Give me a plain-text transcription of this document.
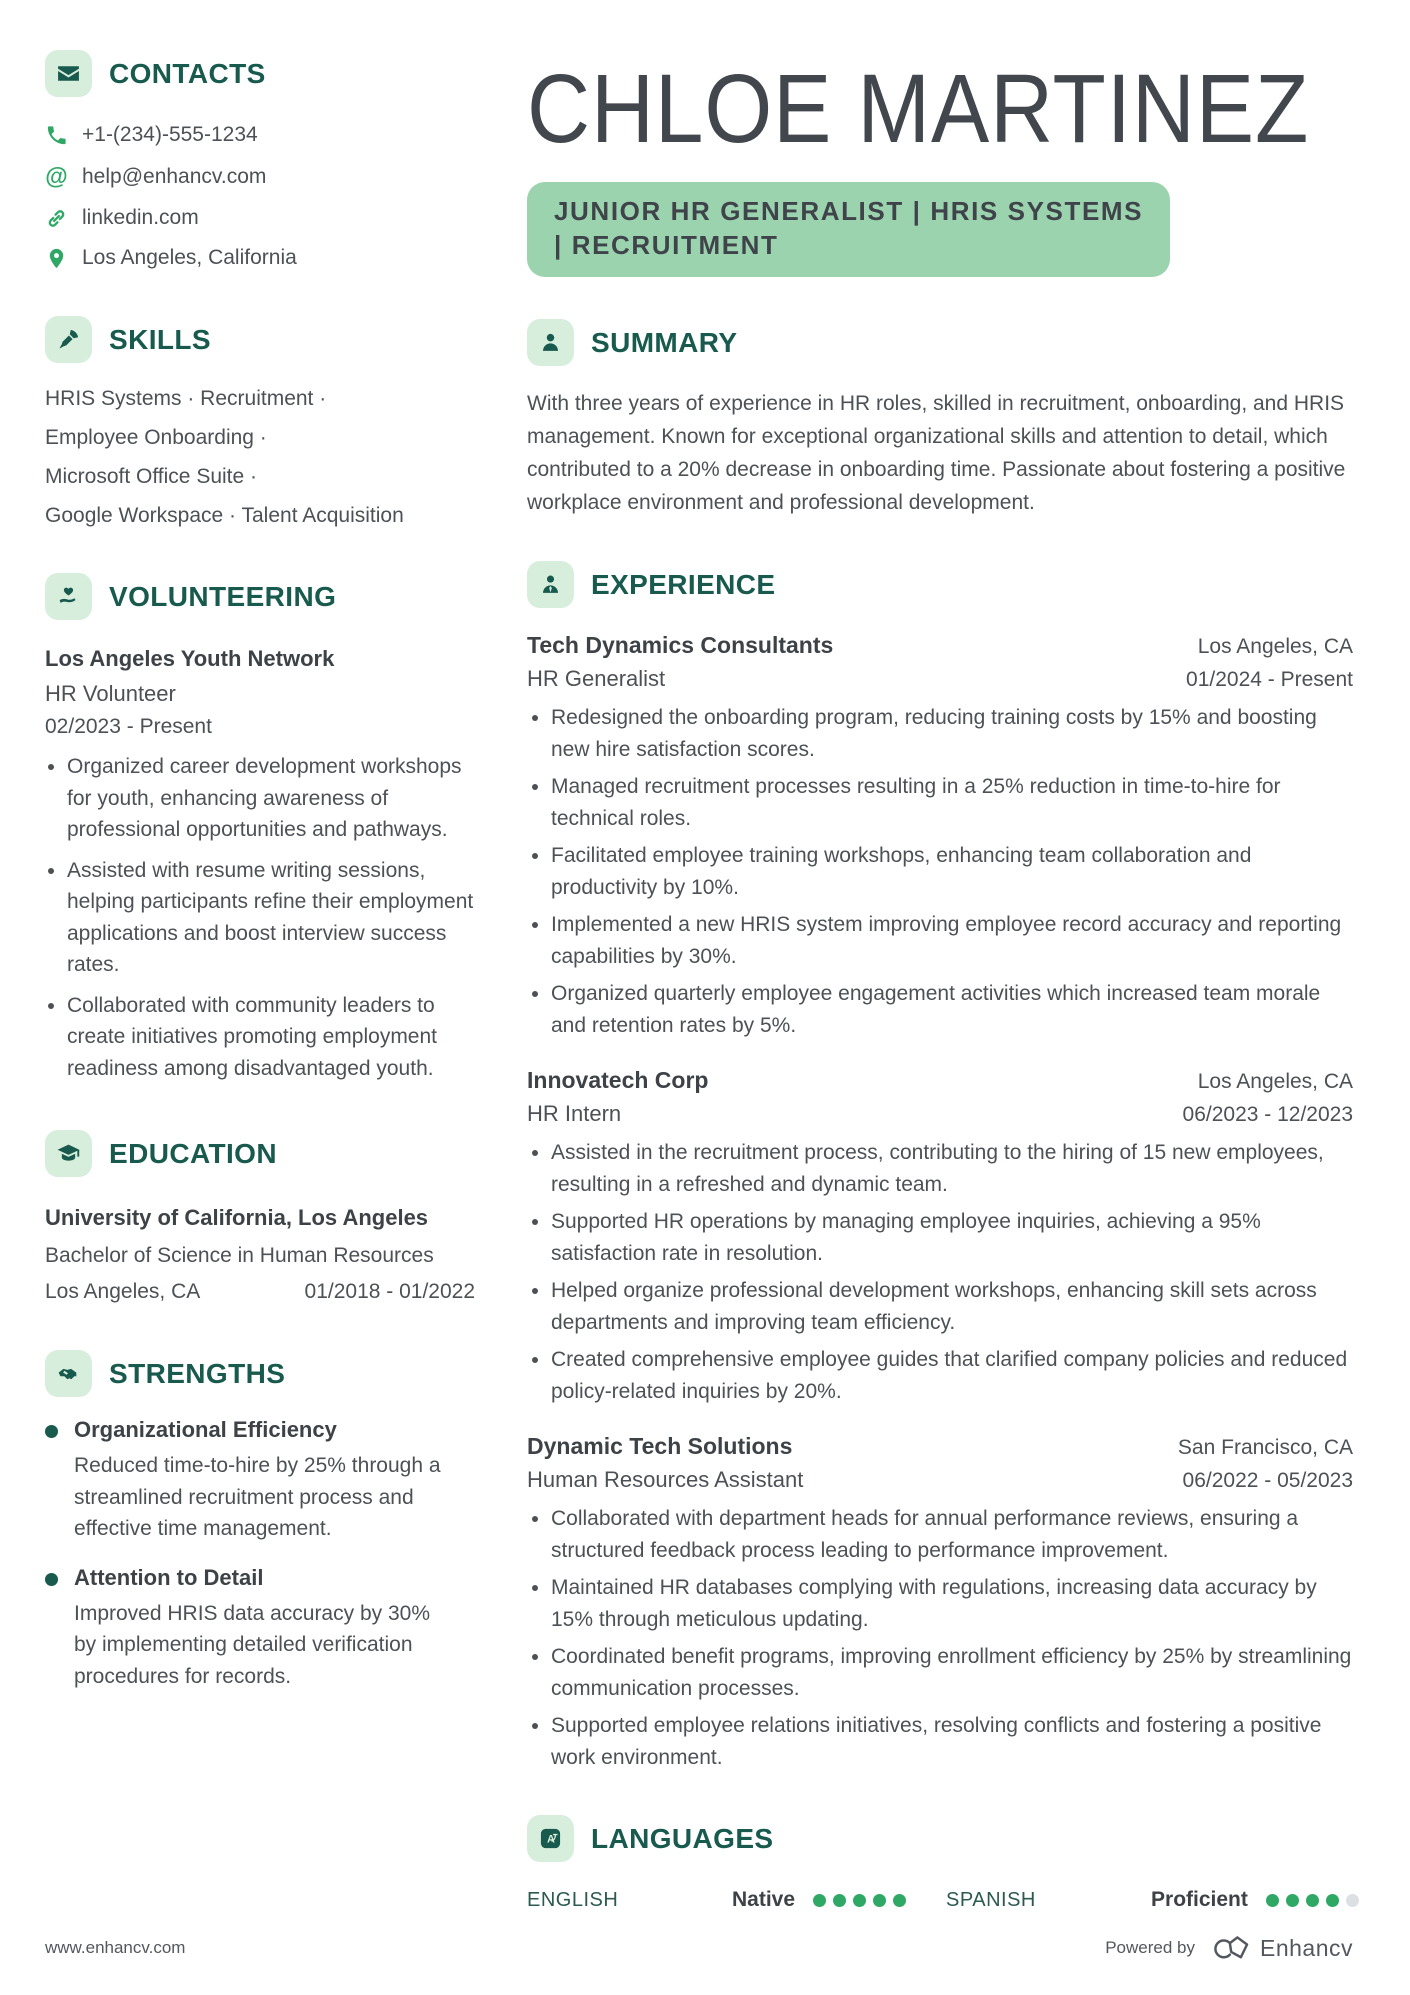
CONTACTS
+1-(234)-555-1234
@ help@enhancv.com
linkedin.com
Los Angeles, California
SKILLS
HRIS Systems · Recruitment ·
Employee Onboarding ·
Microsoft Office Suite ·
Google Workspace · Talent Acquisition
VOLUNTEERING
Los Angeles Youth Network
HR Volunteer
02/2023 - Present
• Organized career development workshops for youth, enhancing awareness of professional opportunities and pathways.
• Assisted with resume writing sessions, helping participants refine their employment applications and boost interview success rates.
• Collaborated with community leaders to create initiatives promoting employment readiness among disadvantaged youth.
EDUCATION
University of California, Los Angeles
Bachelor of Science in Human Resources
Los Angeles, CA	01/2018 - 01/2022
STRENGTHS
Organizational Efficiency
Reduced time-to-hire by 25% through a streamlined recruitment process and effective time management.
Attention to Detail
Improved HRIS data accuracy by 30% by implementing detailed verification procedures for records.
CHLOE MARTINEZ
JUNIOR HR GENERALIST | HRIS SYSTEMS
| RECRUITMENT
SUMMARY

With three years of experience in HR roles, skilled in recruitment, onboarding, and HRIS management. Known for exceptional organizational skills and attention to detail, which contributed to a 20% decrease in onboarding time. Passionate about fostering a positive workplace environment and professional development.

EXPERIENCE
Tech Dynamics Consultants	Los Angeles, CA
HR Generalist	01/2024 - Present
• Redesigned the onboarding program, reducing training costs by 15% and boosting new hire satisfaction scores.
• Managed recruitment processes resulting in a 25% reduction in time-to-hire for technical roles.
• Facilitated employee training workshops, enhancing team collaboration and productivity by 10%.
• Implemented a new HRIS system improving employee record accuracy and reporting capabilities by 30%.
• Organized quarterly employee engagement activities which increased team morale and retention rates by 5%.
Innovatech Corp	Los Angeles, CA
HR Intern	06/2023 - 12/2023
• Assisted in the recruitment process, contributing to the hiring of 15 new employees, resulting in a refreshed and dynamic team.
• Supported HR operations by managing employee inquiries, achieving a 95% satisfaction rate in resolution.
• Helped organize professional development workshops, enhancing skill sets across departments and improving team efficiency.
• Created comprehensive employee guides that clarified company policies and reduced policy-related inquiries by 20%.
Dynamic Tech Solutions	San Francisco, CA
Human Resources Assistant	06/2022 - 05/2023
• Collaborated with department heads for annual performance reviews, ensuring a structured feedback process leading to performance improvement.
• Maintained HR databases complying with regulations, increasing data accuracy by 15% through meticulous updating.
• Coordinated benefit programs, improving enrollment efficiency by 25% by streamlining communication processes.
• Supported employee relations initiatives, resolving conflicts and fostering a positive work environment.
A LANGUAGES
ENGLISH	Native	SPANISH	Proficient
www.enhancv.com	Powered by	Enhancv
